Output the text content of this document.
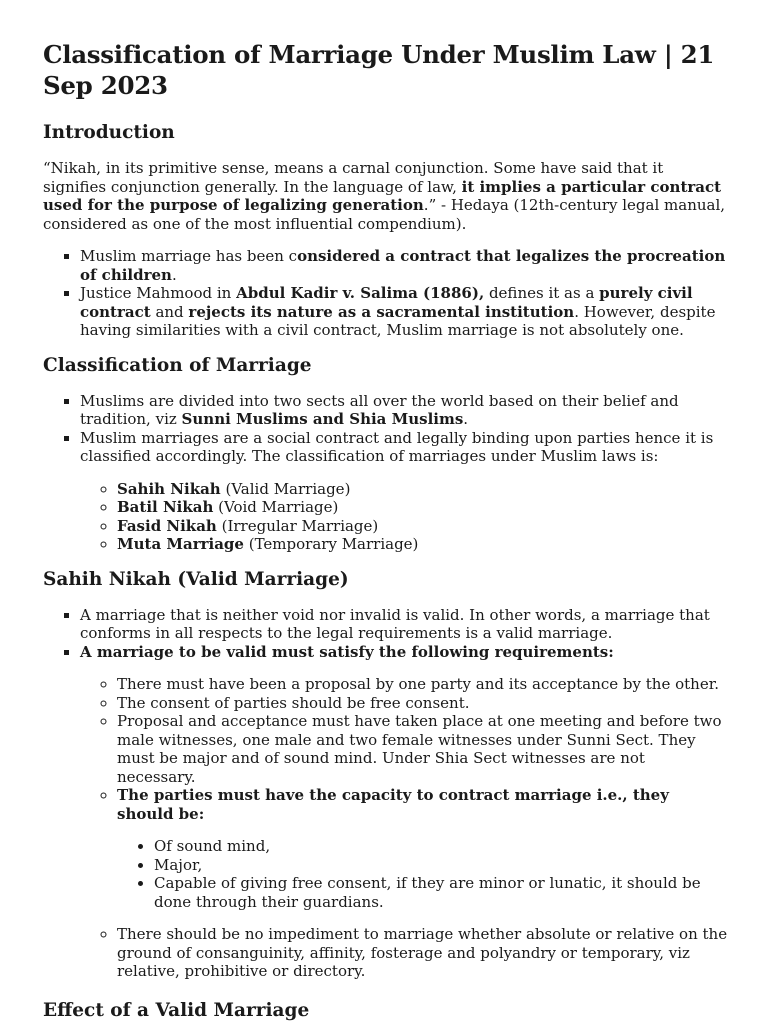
Classification of Marriage Under Muslim Law | 21 Sep 2023
Introduction

“Nikah, in its primitive sense, means a carnal conjunction. Some have said that it signifies conjunction generally. In the language of law, it implies a particular contract used for the purpose of legalizing generation.” - Hedaya (12th-century legal manual, considered as one of the most influential compendium).

▪ Muslim marriage has been considered a contract that legalizes the procreation of children.
▪ Justice Mahmood in Abdul Kadir v. Salima (1886), defines it as a purely civil contract and rejects its nature as a sacramental institution. However, despite having similarities with a civil contract, Muslim marriage is not absolutely one.
Classification of Marriage
▪ Muslims are divided into two sects all over the world based on their belief and tradition, viz Sunni Muslims and Shia Muslims.
▪ Muslim marriages are a social contract and legally binding upon parties hence it is classified accordingly. The classification of marriages under Muslim laws is:
◦ Sahih Nikah (Valid Marriage)
◦ Batil Nikah (Void Marriage)
◦ Fasid Nikah (Irregular Marriage)
◦ Muta Marriage (Temporary Marriage)
Sahih Nikah (Valid Marriage)
▪ A marriage that is neither void nor invalid is valid. In other words, a marriage that conforms in all respects to the legal requirements is a valid marriage.
▪ A marriage to be valid must satisfy the following requirements:
◦ There must have been a proposal by one party and its acceptance by the other.
◦ The consent of parties should be free consent.
◦ Proposal and acceptance must have taken place at one meeting and before two male witnesses, one male and two female witnesses under Sunni Sect. They must be major and of sound mind. Under Shia Sect witnesses are not necessary.
◦ The parties must have the capacity to contract marriage i.e., they should be:
• Of sound mind,
• Major,
• Capable of giving free consent, if they are minor or lunatic, it should be done through their guardians.
◦ There should be no impediment to marriage whether absolute or relative on the ground of consanguinity, affinity, fosterage and polyandry or temporary, viz relative, prohibitive or directory.
Effect of a Valid Marriage
